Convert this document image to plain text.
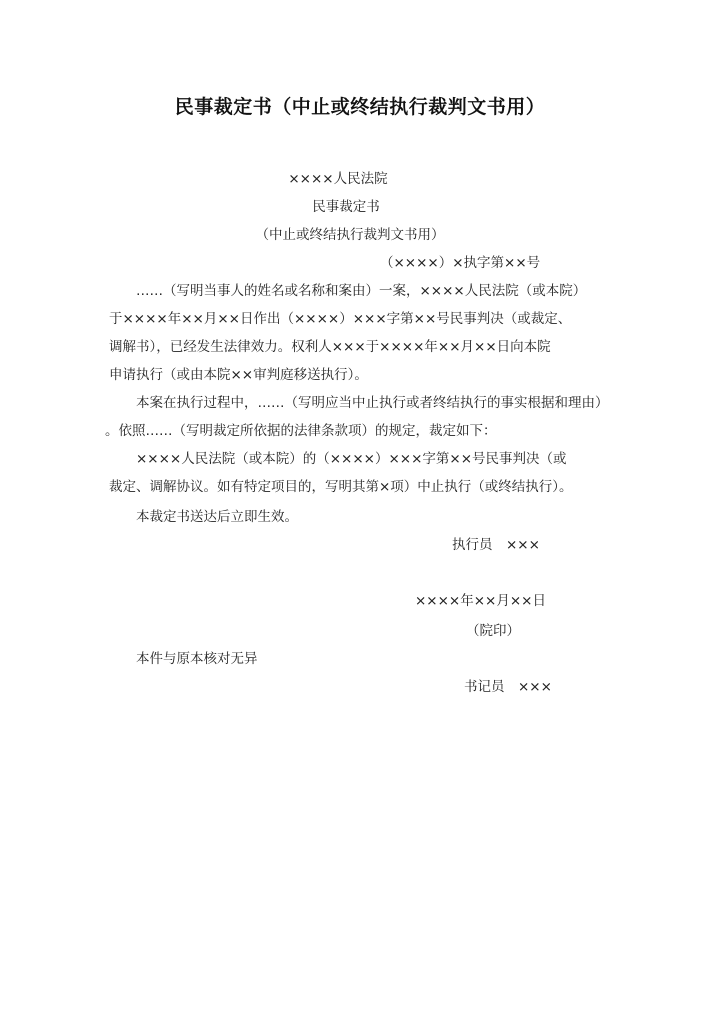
民事裁定书（中止或终结执行裁判文书用）
××××人民法院
民事裁定书
（中止或终结执行裁判文书用）
（××××）×执字第××号
……（写明当事人的姓名或名称和案由）一案，××××人民法院（或本院）
于××××年××月××日作出（××××）×××字第××号民事判决（或裁定、
调解书），已经发生法律效力。权利人×××于××××年××月××日向本院
申请执行（或由本院××审判庭移送执行）。
本案在执行过程中，……（写明应当中止执行或者终结执行的事实根据和理由）
。依照……（写明裁定所依据的法律条款项）的规定，裁定如下：
××××人民法院（或本院）的（××××）×××字第××号民事判决（或
裁定、调解协议。如有特定项目的，写明其第×项）中止执行（或终结执行）。
本裁定书送达后立即生效。
执行员　×××
××××年××月××日
（院印）
本件与原本核对无异
书记员　×××
